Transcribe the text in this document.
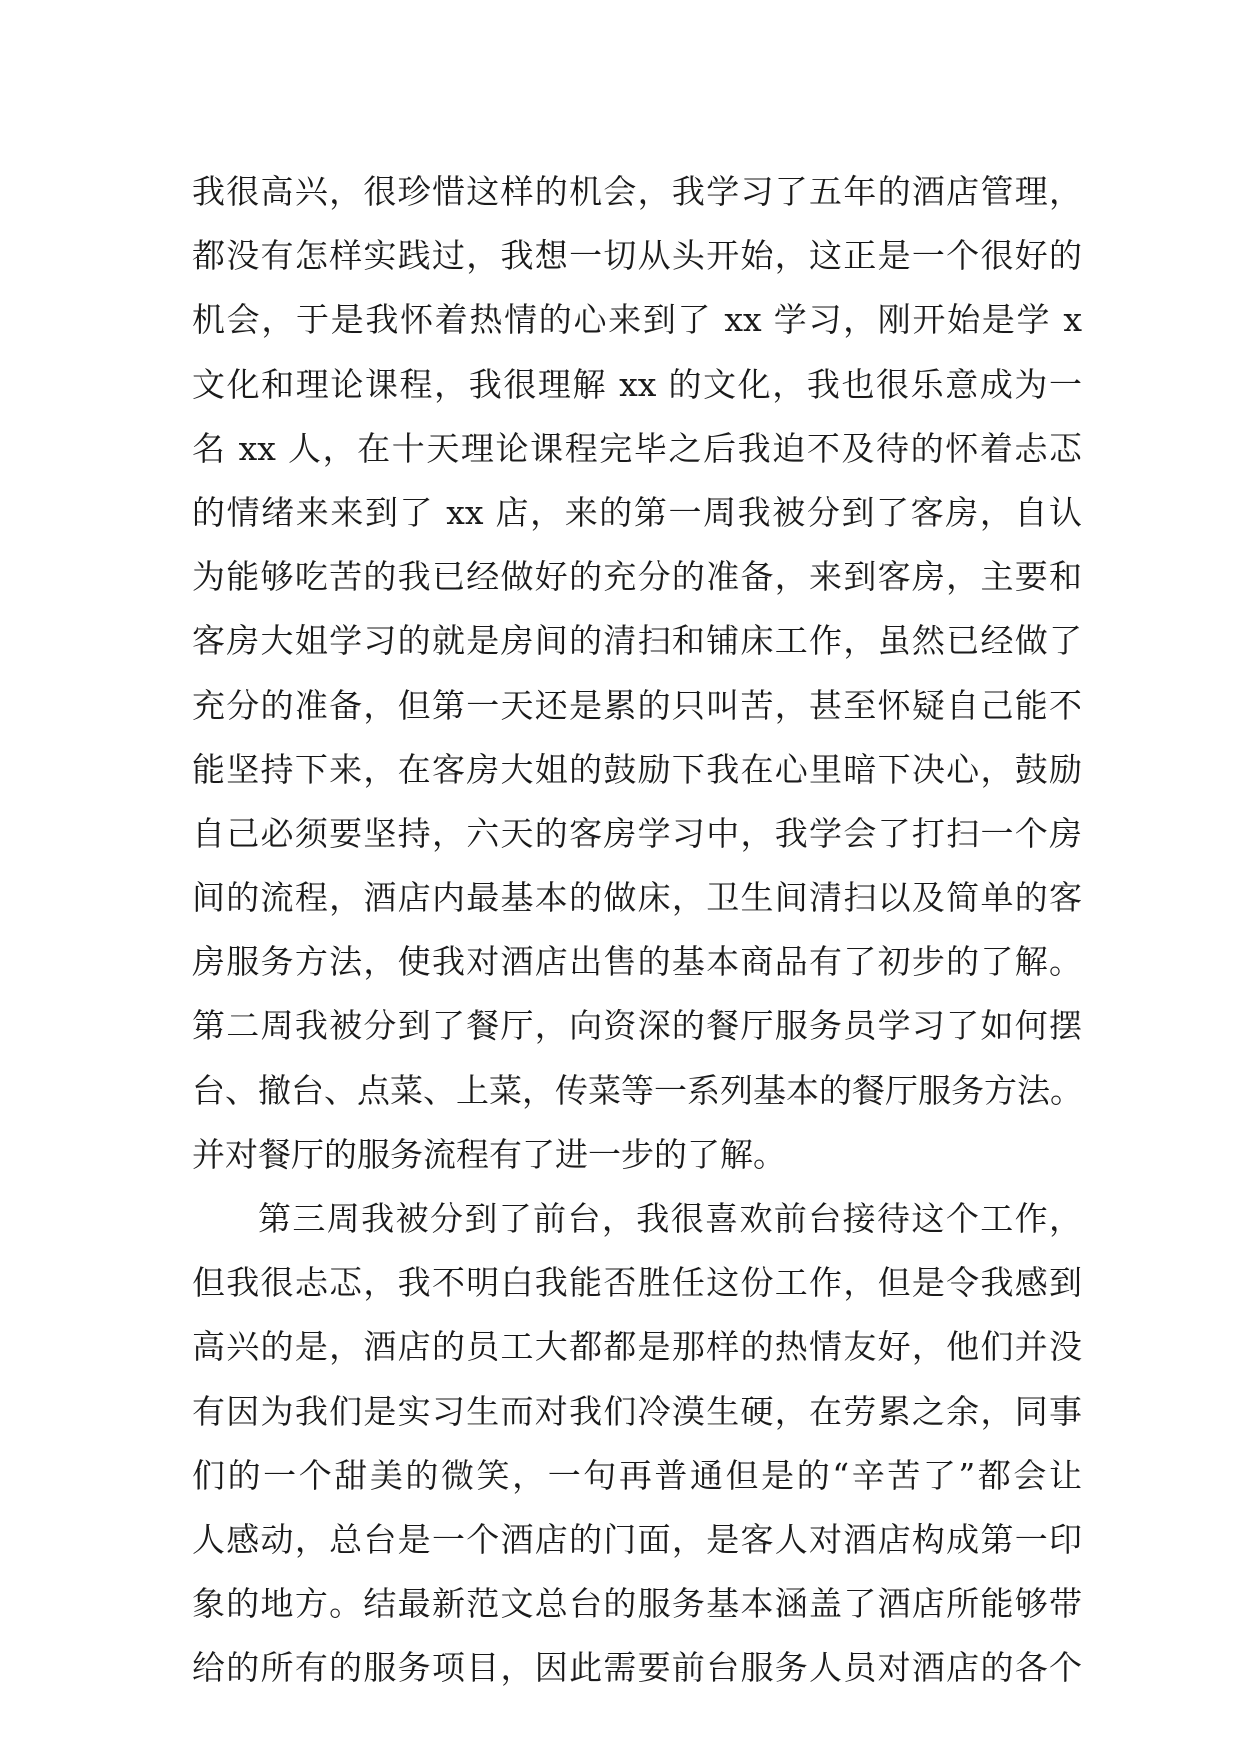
我很高兴，很珍惜这样的机会，我学习了五年的酒店管理，
都没有怎样实践过，我想一切从头开始，这正是一个很好的
机会，于是我怀着热情的心来到了 xx 学习，刚开始是学 x
文化和理论课程，我很理解 xx 的文化，我也很乐意成为一
名 xx 人，在十天理论课程完毕之后我迫不及待的怀着忐忑
的情绪来来到了 xx 店，来的第一周我被分到了客房，自认
为能够吃苦的我已经做好的充分的准备，来到客房，主要和
客房大姐学习的就是房间的清扫和铺床工作，虽然已经做了
充分的准备，但第一天还是累的只叫苦，甚至怀疑自己能不
能坚持下来，在客房大姐的鼓励下我在心里暗下决心，鼓励
自己必须要坚持，六天的客房学习中，我学会了打扫一个房
间的流程，酒店内最基本的做床，卫生间清扫以及简单的客
房服务方法，使我对酒店出售的基本商品有了初步的了解。
第二周我被分到了餐厅，向资深的餐厅服务员学习了如何摆
台、撤台、点菜、上菜，传菜等一系列基本的餐厅服务方法。
并对餐厅的服务流程有了进一步的了解。
第三周我被分到了前台，我很喜欢前台接待这个工作，
但我很忐忑，我不明白我能否胜任这份工作，但是令我感到
高兴的是，酒店的员工大都都是那样的热情友好，他们并没
有因为我们是实习生而对我们冷漠生硬，在劳累之余，同事
们的一个甜美的微笑，一句再普通但是的“辛苦了”都会让
人感动，总台是一个酒店的门面，是客人对酒店构成第一印
象的地方。结最新范文总台的服务基本涵盖了酒店所能够带
给的所有的服务项目，因此需要前台服务人员对酒店的各个
